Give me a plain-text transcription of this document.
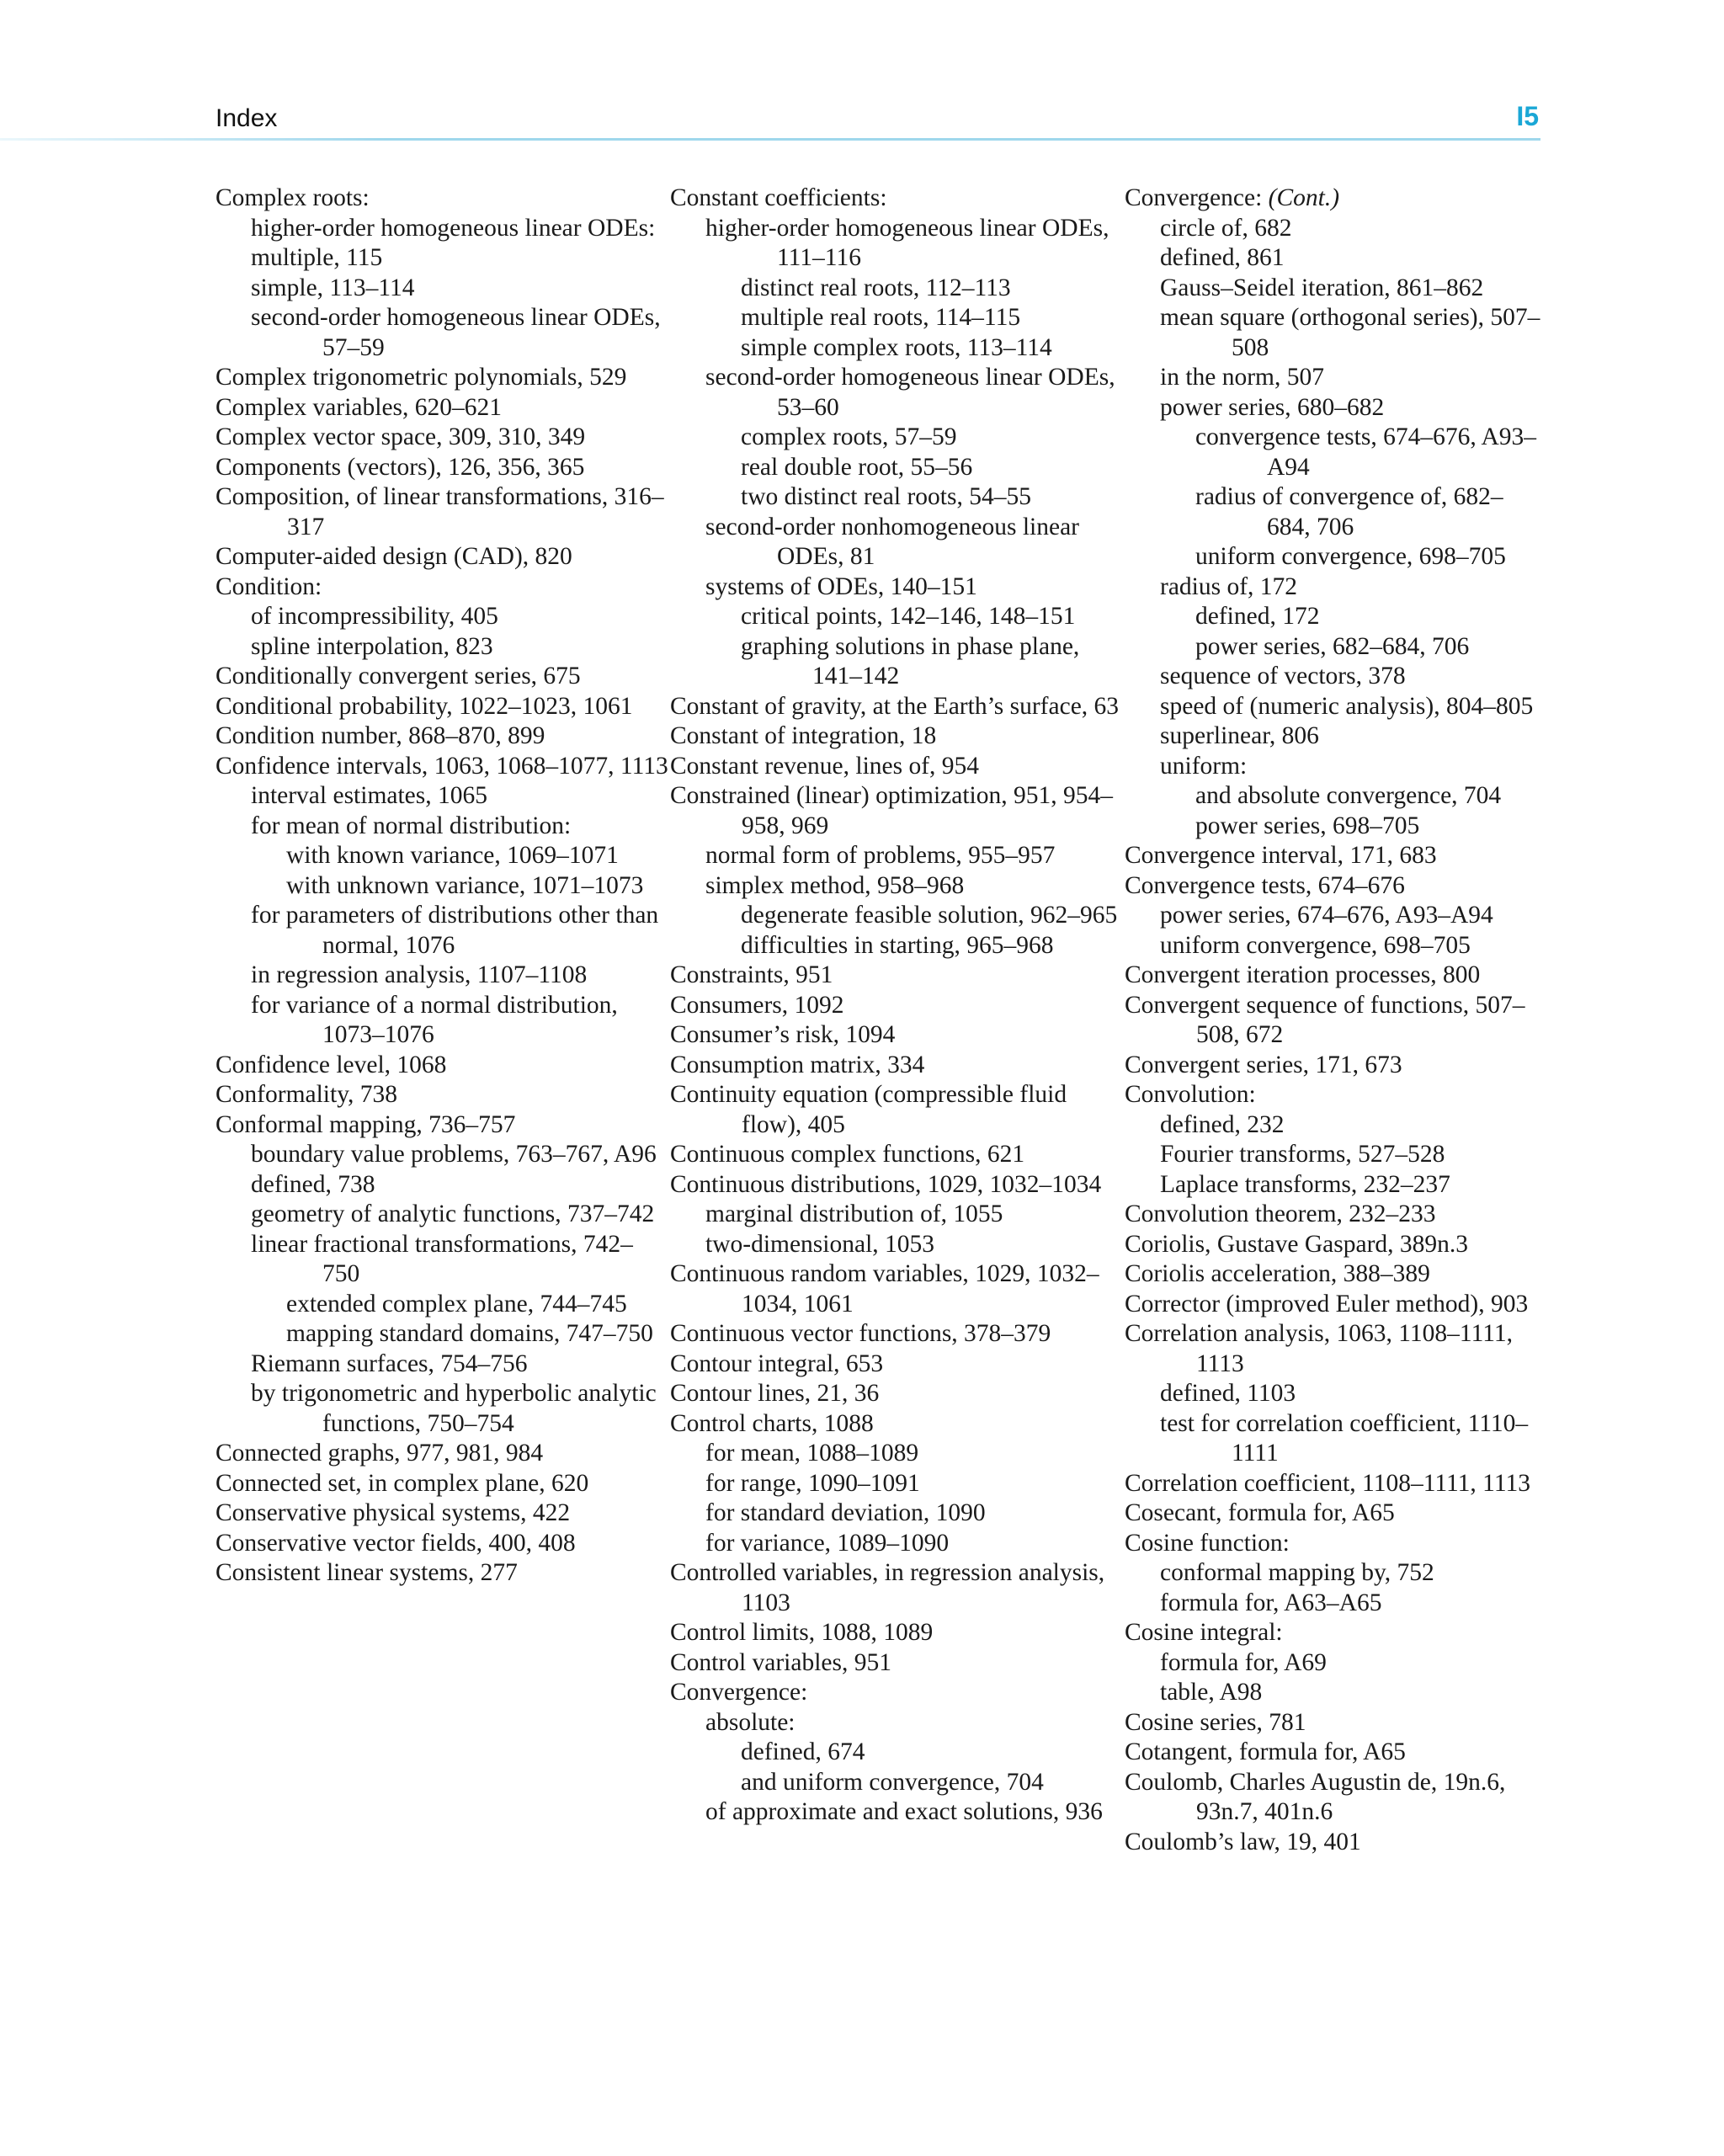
Index	I5
Complex roots:
higher-order homogeneous linear ODEs:
multiple, 115
simple, 113–114
second-order homogeneous linear ODEs, 57–59
Complex trigonometric polynomials, 529
Complex variables, 620–621
Complex vector space, 309, 310, 349
Components (vectors), 126, 356, 365
Composition, of linear transformations, 316–317
Computer-aided design (CAD), 820
Condition:
of incompressibility, 405
spline interpolation, 823
Conditionally convergent series, 675
Conditional probability, 1022–1023, 1061
Condition number, 868–870, 899
Confidence intervals, 1063, 1068–1077, 1113
interval estimates, 1065
for mean of normal distribution:
with known variance, 1069–1071
with unknown variance, 1071–1073
for parameters of distributions other than normal, 1076
in regression analysis, 1107–1108
for variance of a normal distribution, 1073–1076
Confidence level, 1068
Conformality, 738
Conformal mapping, 736–757
boundary value problems, 763–767, A96
defined, 738
geometry of analytic functions, 737–742
linear fractional transformations, 742–750
extended complex plane, 744–745
mapping standard domains, 747–750
Riemann surfaces, 754–756
by trigonometric and hyperbolic analytic functions, 750–754
Connected graphs, 977, 981, 984
Connected set, in complex plane, 620
Conservative physical systems, 422
Conservative vector fields, 400, 408
Consistent linear systems, 277
Constant coefficients:
higher-order homogeneous linear ODEs, 111–116
distinct real roots, 112–113
multiple real roots, 114–115
simple complex roots, 113–114
second-order homogeneous linear ODEs, 53–60
complex roots, 57–59
real double root, 55–56
two distinct real roots, 54–55
second-order nonhomogeneous linear ODEs, 81
systems of ODEs, 140–151
critical points, 142–146, 148–151
graphing solutions in phase plane, 141–142
Constant of gravity, at the Earth’s surface, 63
Constant of integration, 18
Constant revenue, lines of, 954
Constrained (linear) optimization, 951, 954–958, 969
normal form of problems, 955–957
simplex method, 958–968
degenerate feasible solution, 962–965
difficulties in starting, 965–968
Constraints, 951
Consumers, 1092
Consumer’s risk, 1094
Consumption matrix, 334
Continuity equation (compressible fluid flow), 405
Continuous complex functions, 621
Continuous distributions, 1029, 1032–1034
marginal distribution of, 1055
two-dimensional, 1053
Continuous random variables, 1029, 1032–1034, 1061
Continuous vector functions, 378–379
Contour integral, 653
Contour lines, 21, 36
Control charts, 1088
for mean, 1088–1089
for range, 1090–1091
for standard deviation, 1090
for variance, 1089–1090
Controlled variables, in regression analysis, 1103
Control limits, 1088, 1089
Control variables, 951
Convergence:
absolute:
defined, 674
and uniform convergence, 704
of approximate and exact solutions, 936
Convergence: (Cont.)
circle of, 682
defined, 861
Gauss–Seidel iteration, 861–862
mean square (orthogonal series), 507–508
in the norm, 507
power series, 680–682
convergence tests, 674–676, A93–A94
radius of convergence of, 682–684, 706
uniform convergence, 698–705
radius of, 172
defined, 172
power series, 682–684, 706
sequence of vectors, 378
speed of (numeric analysis), 804–805
superlinear, 806
uniform:
and absolute convergence, 704
power series, 698–705
Convergence interval, 171, 683
Convergence tests, 674–676
power series, 674–676, A93–A94
uniform convergence, 698–705
Convergent iteration processes, 800
Convergent sequence of functions, 507–508, 672
Convergent series, 171, 673
Convolution:
defined, 232
Fourier transforms, 527–528
Laplace transforms, 232–237
Convolution theorem, 232–233
Coriolis, Gustave Gaspard, 389n.3
Coriolis acceleration, 388–389
Corrector (improved Euler method), 903
Correlation analysis, 1063, 1108–1111, 1113
defined, 1103
test for correlation coefficient, 1110–1111
Correlation coefficient, 1108–1111, 1113
Cosecant, formula for, A65
Cosine function:
conformal mapping by, 752
formula for, A63–A65
Cosine integral:
formula for, A69
table, A98
Cosine series, 781
Cotangent, formula for, A65
Coulomb, Charles Augustin de, 19n.6, 93n.7, 401n.6
Coulomb’s law, 19, 401
